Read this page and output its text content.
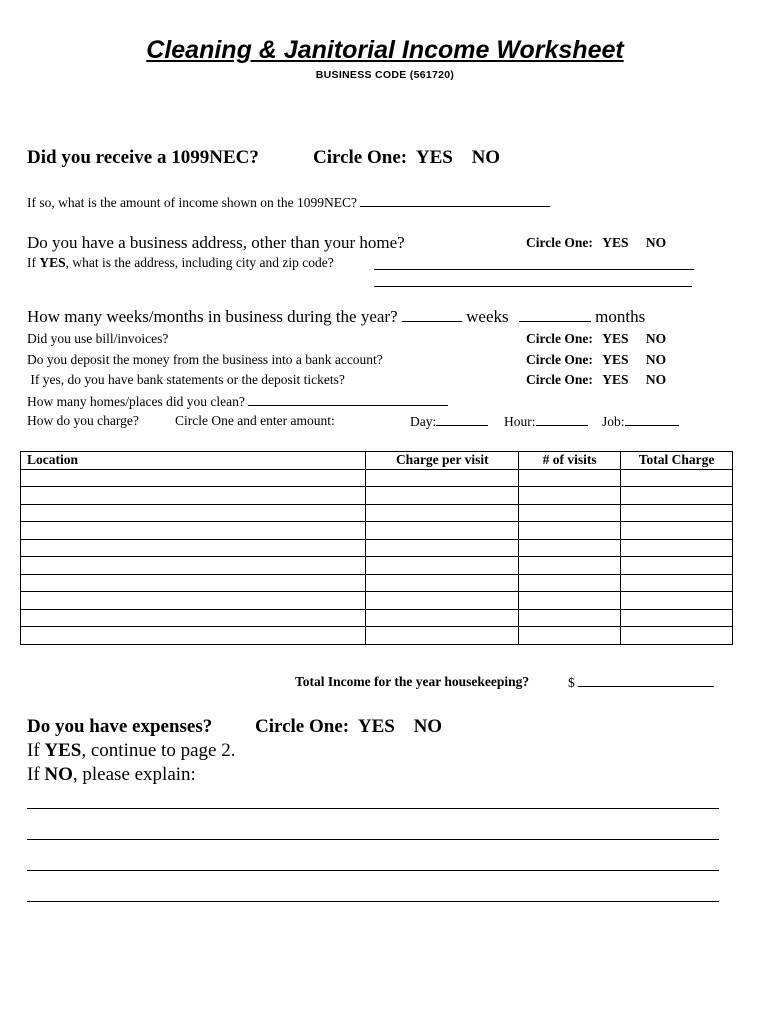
Cleaning & Janitorial Income Worksheet
BUSINESS CODE (561720)
Did you receive a 1099NEC?	Circle One: YES NO
If so, what is the amount of income shown on the 1099NEC?
Do you have a business address, other than your home?	Circle One: YES NO
If YES, what is the address, including city and zip code?
How many weeks/months in business during the year?	weeks	months
Did you use bill/invoices?	Circle One: YES NO
Do you deposit the money from the business into a bank account?	Circle One: YES NO
If yes, do you have bank statements or the deposit tickets?	Circle One: YES NO
How many homes/places did you clean?
How do you charge?	Circle One and enter amount:	Day:	Hour:	Job:
Location	Charge per visit	# of visits	Total Charge

Total Income for the year housekeeping?	$
Do you have expenses? Circle One: YES NO
If YES, continue to page 2.
If NO, please explain:
